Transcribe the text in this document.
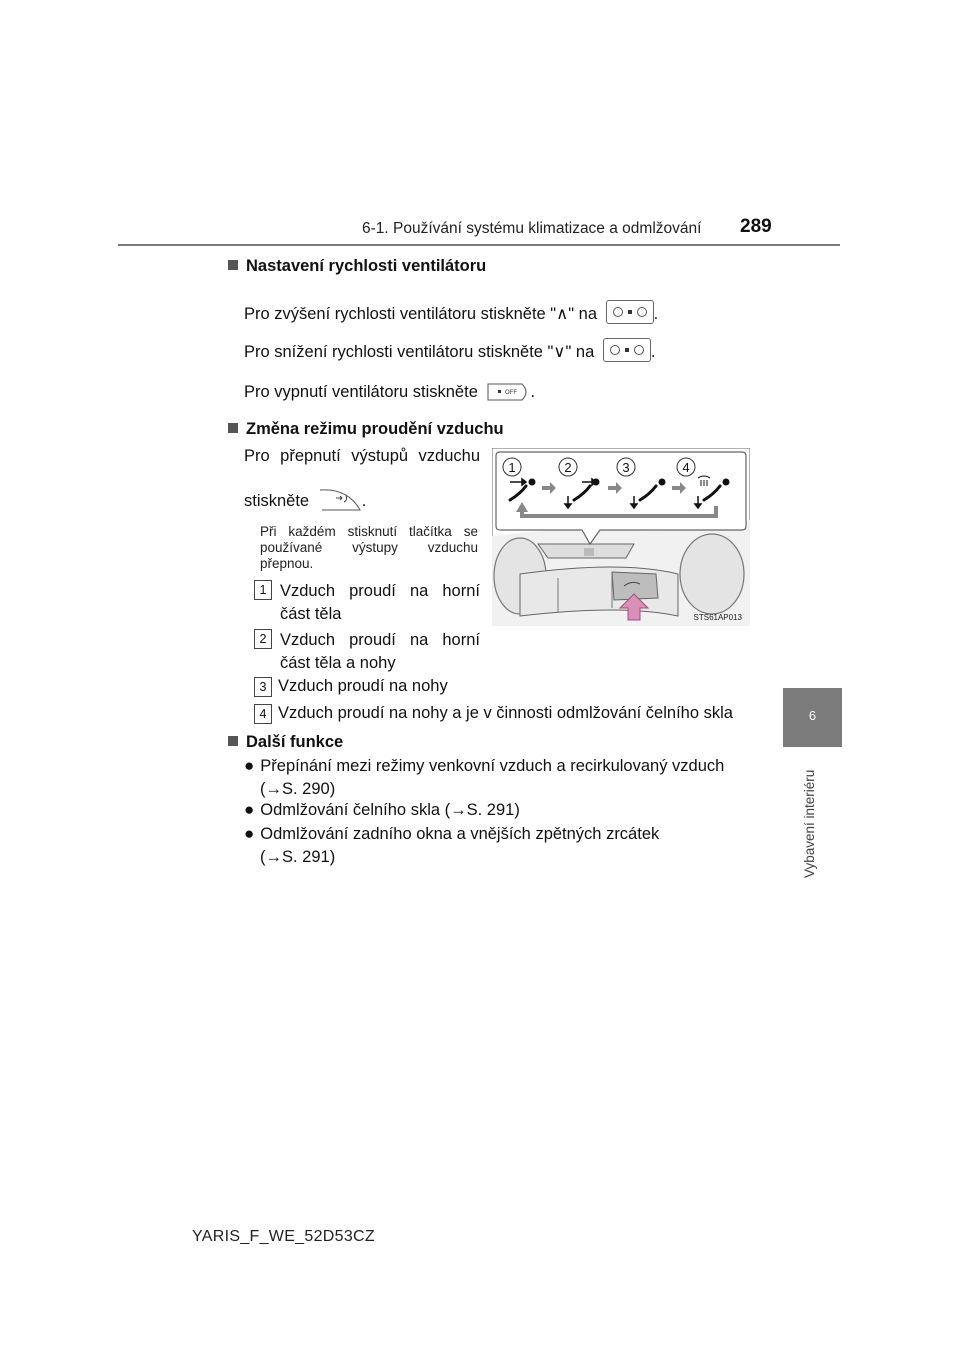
6-1. Používání systému klimatizace a odmlžování 289
6
Vybavení interiéru
Nastavení rychlosti ventilátoru
Pro zvýšení rychlosti ventilátoru stiskněte "∧" na	.
Pro snížení rychlosti ventilátoru stiskněte "∨" na	.
Pro vypnutí ventilátoru stiskněte	OFF .
Změna režimu proudění vzduchu
Pro přepnutí výstupů vzduchu
stiskněte	.
Při každém stisknutí tlačítka se používané výstupy vzduchu přepnou.
1 Vzduch proudí na horní
část těla
2 Vzduch proudí na horní
část těla a nohy
3 Vzduch proudí na nohy
4 Vzduch proudí na nohy a je v činnosti odmlžování čelního skla
1	2	3	4
STS61AP013
Další funkce
● Přepínání mezi režimy venkovní vzduch a recirkulovaný vzduch
(→S. 290)
● Odmlžování čelního skla (→S. 291)
● Odmlžování zadního okna a vnějších zpětných zrcátek
(→S. 291)
YARIS_F_WE_52D53CZ
